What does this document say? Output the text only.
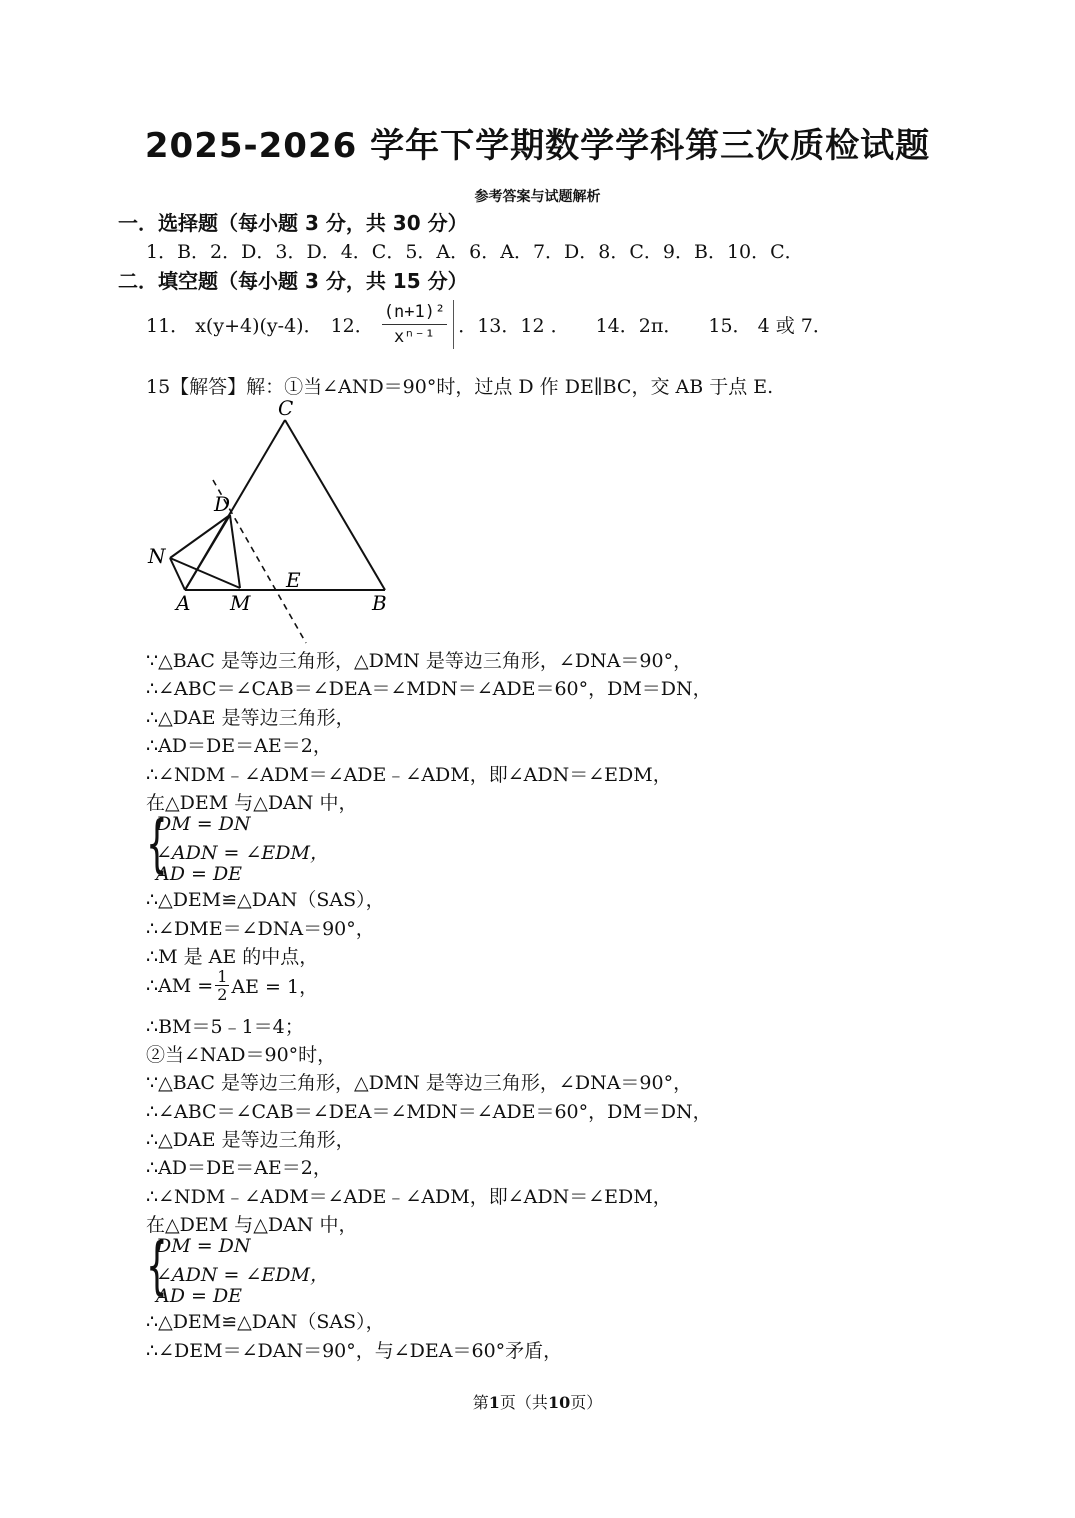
2025-2026 学年下学期数学学科第三次质检试题
参考答案与试题解析
一．选择题（每小题 3 分，共 30 分）
1．B．2．D．3．D．4．C．5．A．6．A．7．D．8．C．9．B．10．C．
二．填空题（每小题 3 分，共 15 分）
11． x(y+4)(y-4)． 12． $\frac{\text{(n+1)²}}{\text{xⁿ⁻¹}}$ ．13．12 ． 14．2π． 15． 4 或 7．
15【解答】解：①当∠AND＝90°时，过点 D 作 DE∥BC，交 AB 于点 E.
C
D
N
E
A M	B
∵△BAC 是等边三角形，△DMN 是等边三角形，∠DNA＝90°，
∴∠ABC＝∠CAB＝∠DEA＝∠MDN＝∠ADE＝60°，DM＝DN，
∴△DAE 是等边三角形，
∴AD＝DE＝AE＝2，
∴∠NDM﹣∠ADM＝∠ADE﹣∠ADM，即∠ADN＝∠EDM，
在△DEM 与△DAN 中，
{
DM = DN
∠ADN = ∠EDM，
AD = DE
∴△DEM≌△DAN（SAS），
∴∠DME＝∠DNA＝90°，
∴M 是 AE 的中点，
∴AM = $\frac{1}{2}$ AE = 1，
∴BM＝5﹣1＝4；
②当∠NAD＝90°时，
∵△BAC 是等边三角形，△DMN 是等边三角形，∠DNA＝90°，
∴∠ABC＝∠CAB＝∠DEA＝∠MDN＝∠ADE＝60°，DM＝DN，
∴△DAE 是等边三角形，
∴AD＝DE＝AE＝2，
∴∠NDM﹣∠ADM＝∠ADE﹣∠ADM，即∠ADN＝∠EDM，
在△DEM 与△DAN 中，
{
DM = DN
∠ADN = ∠EDM，
AD = DE
∴△DEM≌△DAN（SAS），
∴∠DEM＝∠DAN＝90°，与∠DEA＝60°矛盾，
第1页（共10页）
